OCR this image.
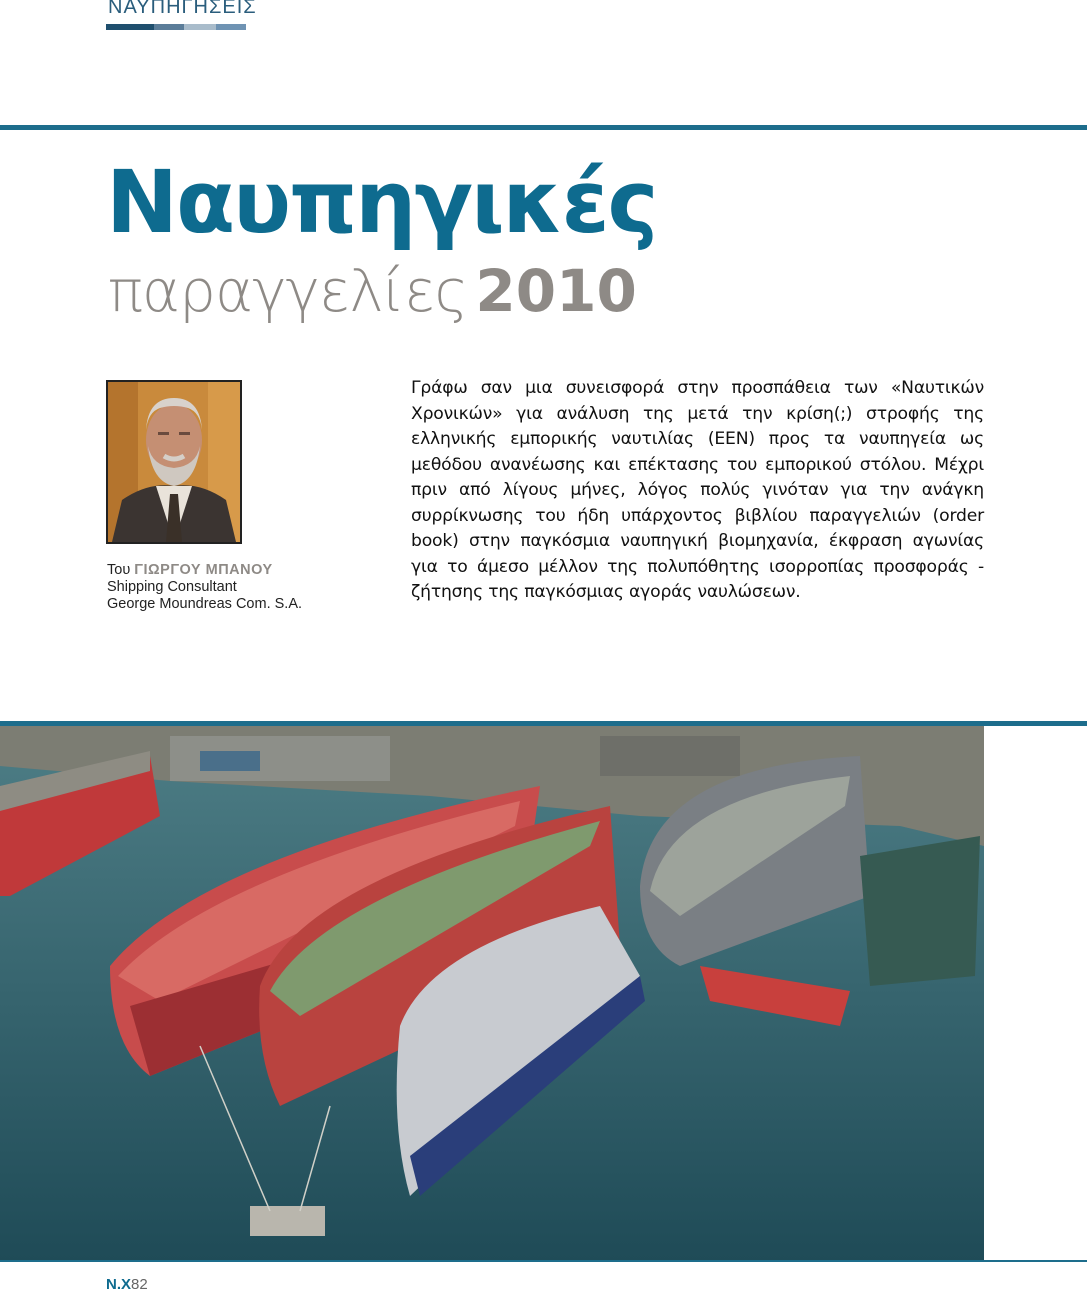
ΝΑΥΠΗΓΗΣΕΙΣ
Ναυπηγικές
παραγγελίες 2010
Του ΓΙΩΡΓΟΥ ΜΠΑΝΟΥ
Shipping Consultant
George Moundreas Com. S.A.

Γράφω σαν μια συνεισφορά στην προσπάθεια των «Ναυτικών Χρονικών» για ανάλυση της μετά την κρίση(;) στροφής της ελληνικής εμπορικής ναυτιλίας (ΕΕΝ) προς τα ναυπηγεία ως μεθόδου ανανέωσης και επέκτασης του εμπορικού στόλου. Μέχρι πριν από λίγους μήνες, λόγος πολύς γινόταν για την ανάγκη συρρίκνωσης του ήδη υπάρχοντος βιβλίου παραγγελιών (order book) στην παγκόσμια ναυπηγική βιομηχανία, έκφραση αγωνίας για το άμεσο μέλλον της πολυπόθητης ισορροπίας προσφοράς - ζήτησης της παγκόσμιας αγοράς ναυλώσεων.

Ν.Χ82
